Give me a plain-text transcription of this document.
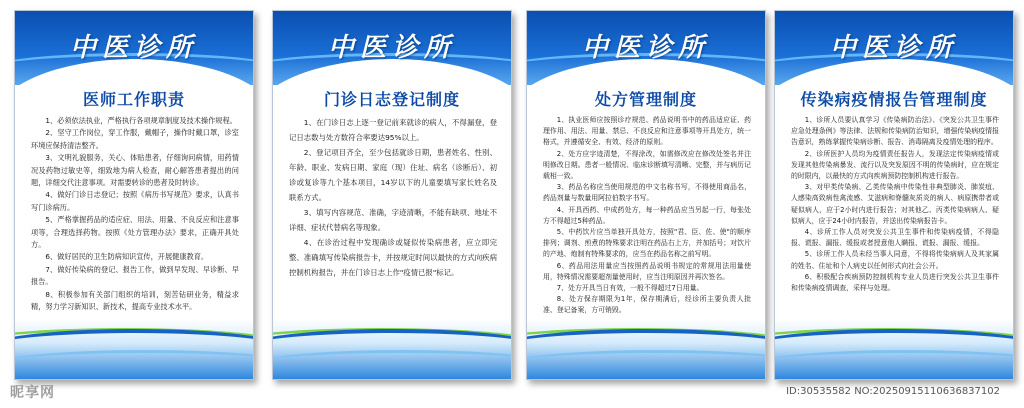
中医诊所
医师工作职责

1、必须依法执业，严格执行各项规章制度及技术操作规程。

2、坚守工作岗位，穿工作服，戴帽子，操作时戴口罩，诊室环境应保持清洁整齐。

3、文明礼貌服务，关心、体贴患者，仔细询问病情，用药情况及药物过敏史等，细致地为病人检查，耐心解答患者提出的问题，详细交代注意事项。对需要转诊的患者及时转诊。

4、做好门诊日志登记；按照《病历书写规范》要求，认真书写门诊病历。

5、严格掌握药品的适应症、用法、用量、不良反应和注意事项等，合理选择药物。按照《处方管理办法》要求，正确开具处方。

6、做好居民的卫生防病知识宣传，开展健康教育。

7、做好传染病的登记、报告工作，做到早发现、早诊断、早报告。

8、积极参加有关部门组织的培训，刻苦钻研业务，精益求精，努力学习新知识、新技术，提高专业技术水平。

中医诊所
门诊日志登记制度

1、在门诊日志上逐一登记前来就诊的病人，不得漏登，登记日志数与处方数符合率要达95%以上。

2、登记项目齐全，至少包括就诊日期，患者姓名、性别、年龄、职业、发病日期、家庭（现）住址、病名（诊断后）、初诊或复诊等九个基本项目，14岁以下的儿童要填写家长姓名及联系方式。

3、填写内容规范、准确，字迹清晰，不能有缺项、地址不详细、症状代替病名等现象。

4、在诊治过程中发现确诊或疑似传染病患者，应立即完整、准确填写传染病报告卡，并按规定时间以最快的方式向疾病控制机构报告，并在门诊日志上作"疫情已报"标记。

中医诊所
处方管理制度

1、执业医师应按照诊疗规范、药品说明书中的药品适应证、药理作用、用法、用量、禁忌、不良反应和注意事项等开具处方，统一格式，并遵循安全、有效、经济的原则。

2、处方应字迹清楚，不得涂改，如需修改应在修改处签名并注明修改日期。患者一般情况、临床诊断填写清晰、完整，并与病历记载相一致。

3、药品名称应当使用规范的中文名称书写，不得使用商品名，药品剂量与数量用阿拉伯数字书写。

4、开具西药、中成药处方，每一种药品应当另起一行，每张处方不得超过5种药品。

5、中药饮片应当单独开具处方，按照"君、臣、佐、使"的顺序排列；调剂、煎煮的特殊要求注明在药品右上方，并加括号；对饮片的产地、炮制有特殊要求的，应当在药品名称之前写明。

6、药品用法用量应当按照药品说明书规定的常规用法用量使用，特殊情况需要超剂量使用时，应当注明原因并再次签名。

7、处方开具当日有效，一般不得超过7日用量。

8、处方保存期限为1年，保存期满后，经诊所主要负责人批准、登记备案，方可销毁。

中医诊所
传染病疫情报告管理制度

1、诊所人员要认真学习《传染病防治法》、《突发公共卫生事件应急处理条例》等法律、法规和传染病防治知识，增强传染病疫情报告意识，熟练掌握传染病诊断、报告、消毒隔离及疫情处理的程序。

2、诊所医护人员均为疫情责任报告人，发现法定传染病疫情或发现其他传染病暴发、流行以及突发原因不明的传染病时，应在规定的时限内，以最快的方式向疾病预防控制机构进行报告。

3、对甲类传染病、乙类传染病中传染性非典型肺炎、肺炭疽、人感染高致病性禽流感、艾滋病和脊髓灰质炎的病人、病原携带者或疑似病人，应于2小时内进行报告；对其他乙、丙类传染病病人、疑似病人，应于24小时内报告，并送出传染病报告卡。

4、诊所工作人员对突发公共卫生事件和传染病疫情，不得隐报、谎报、漏报、缓报或者授意他人瞒报、谎报、漏报、缓报。

5、诊所工作人员未经当事人同意，不得将传染病病人及其家属的姓名、住址和个人病史以任何形式向社会公开。

6、积极配合疾病预防控制机构专业人员进行突发公共卫生事件和传染病疫情调查，采样与处理。

昵享网	ID:30535582 NO:20250915110636837102
